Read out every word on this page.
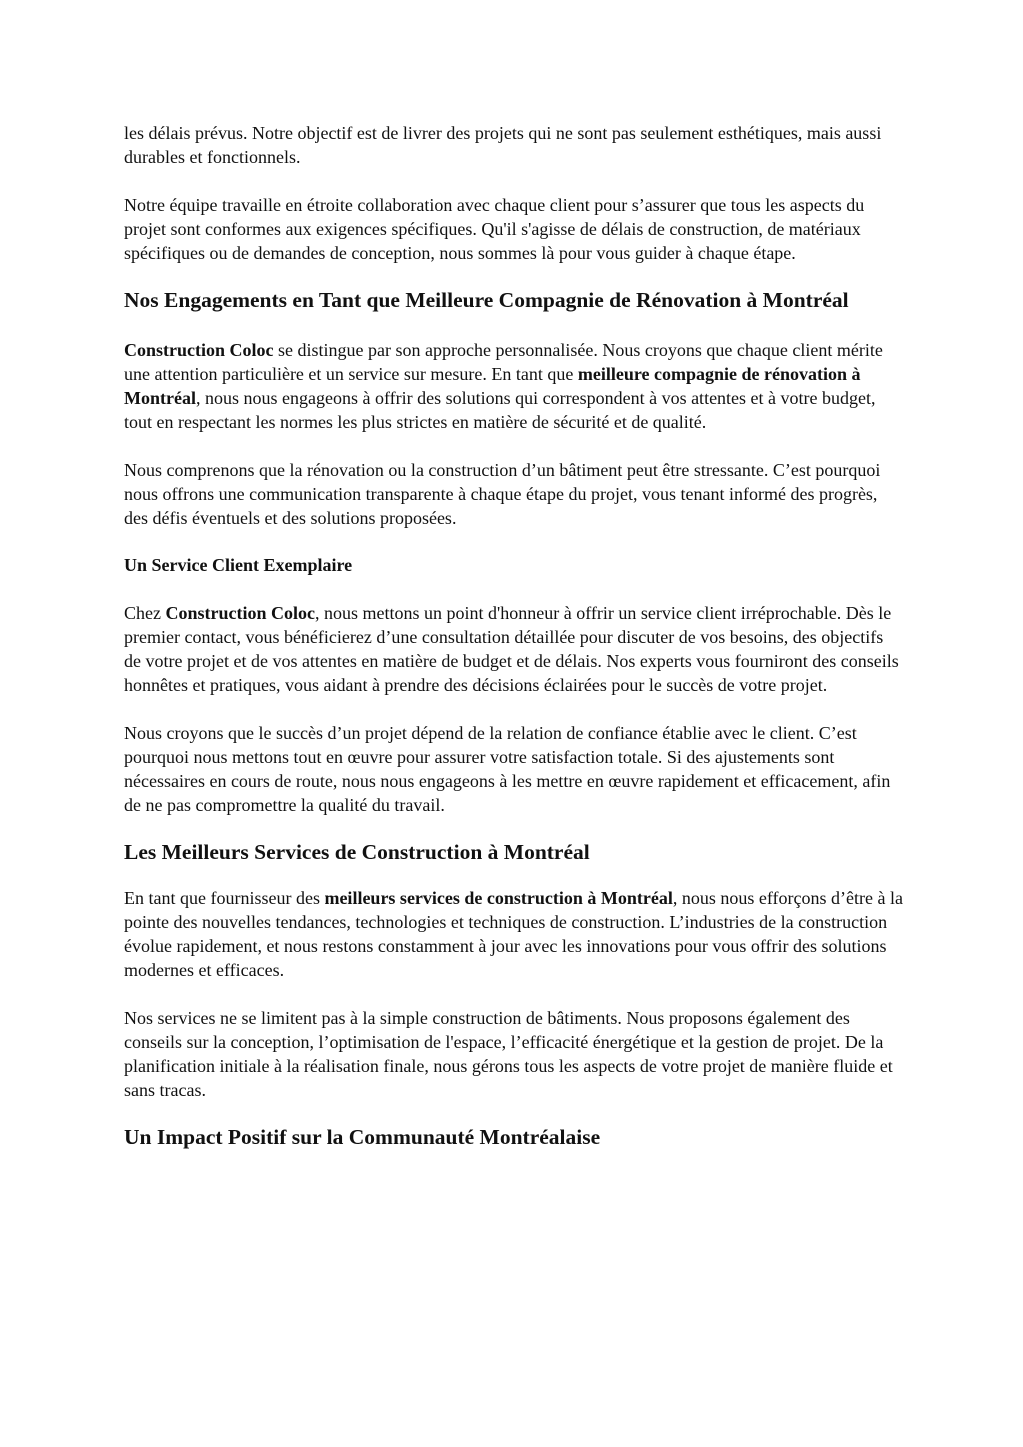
les délais prévus. Notre objectif est de livrer des projets qui ne sont pas seulement esthétiques, mais aussi durables et fonctionnels.

Notre équipe travaille en étroite collaboration avec chaque client pour s’assurer que tous les aspects du projet sont conformes aux exigences spécifiques. Qu'il s'agisse de délais de construction, de matériaux spécifiques ou de demandes de conception, nous sommes là pour vous guider à chaque étape.

Nos Engagements en Tant que Meilleure Compagnie de Rénovation à Montréal

Construction Coloc se distingue par son approche personnalisée. Nous croyons que chaque client mérite une attention particulière et un service sur mesure. En tant que meilleure compagnie de rénovation à Montréal, nous nous engageons à offrir des solutions qui correspondent à vos attentes et à votre budget, tout en respectant les normes les plus strictes en matière de sécurité et de qualité.

Nous comprenons que la rénovation ou la construction d’un bâtiment peut être stressante. C’est pourquoi nous offrons une communication transparente à chaque étape du projet, vous tenant informé des progrès, des défis éventuels et des solutions proposées.

Un Service Client Exemplaire

Chez Construction Coloc, nous mettons un point d'honneur à offrir un service client irréprochable. Dès le premier contact, vous bénéficierez d’une consultation détaillée pour discuter de vos besoins, des objectifs de votre projet et de vos attentes en matière de budget et de délais. Nos experts vous fourniront des conseils honnêtes et pratiques, vous aidant à prendre des décisions éclairées pour le succès de votre projet.

Nous croyons que le succès d’un projet dépend de la relation de confiance établie avec le client. C’est pourquoi nous mettons tout en œuvre pour assurer votre satisfaction totale. Si des ajustements sont nécessaires en cours de route, nous nous engageons à les mettre en œuvre rapidement et efficacement, afin de ne pas compromettre la qualité du travail.

Les Meilleurs Services de Construction à Montréal

En tant que fournisseur des meilleurs services de construction à Montréal, nous nous efforçons d’être à la pointe des nouvelles tendances, technologies et techniques de construction. L’industries de la construction évolue rapidement, et nous restons constamment à jour avec les innovations pour vous offrir des solutions modernes et efficaces.

Nos services ne se limitent pas à la simple construction de bâtiments. Nous proposons également des conseils sur la conception, l’optimisation de l'espace, l’efficacité énergétique et la gestion de projet. De la planification initiale à la réalisation finale, nous gérons tous les aspects de votre projet de manière fluide et sans tracas.

Un Impact Positif sur la Communauté Montréalaise
